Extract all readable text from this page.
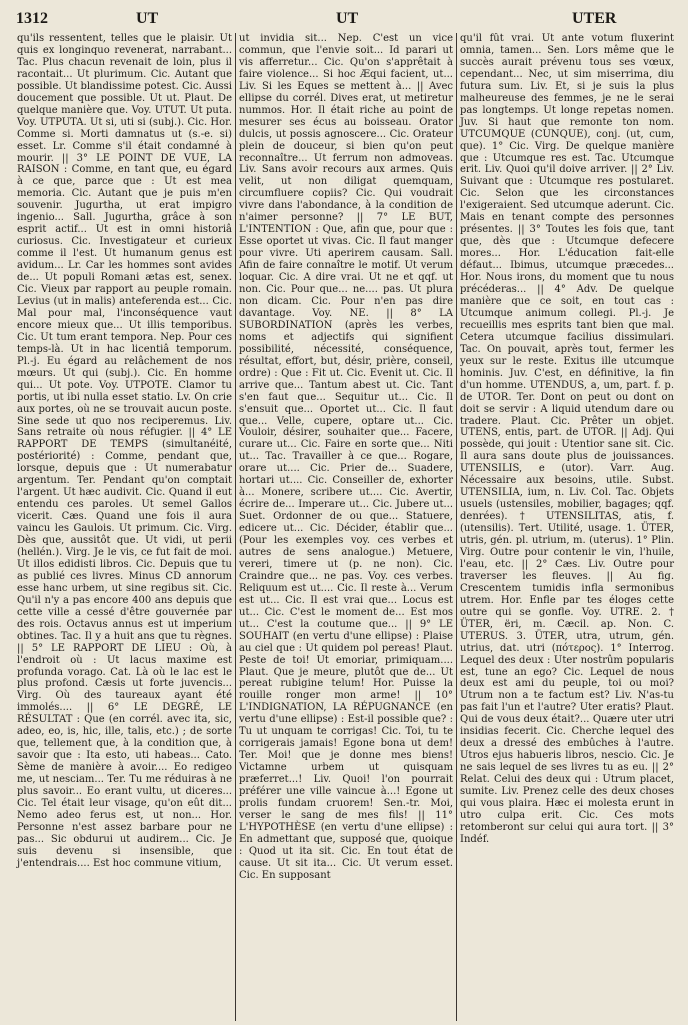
1312	UT	UT	UTER

qu'ils ressentent, telles que le plaisir. Ut quis ex longinquo revenerat, narrabant... Tac. Plus chacun revenait de loin, plus il racontait... Ut plurimum. Cic. Autant que possible. Ut blandissime potest. Cic. Aussi doucement que possible. Ut ut. Plaut. De quelque manière que. Voy. UTUT. Ut puta. Voy. UTPUTA. Ut si, uti si (subj.). Cic. Hor. Comme si. Morti damnatus ut (s.-e. si) esset. Lr. Comme s'il était condamné à mourir. || 3° LE POINT DE VUE, LA RAISON : Comme, en tant que, eu égard à ce que, parce que : Ut est mea memoria. Cic. Autant que je puis m'en souvenir. Jugurtha, ut erat impigro ingenio... Sall. Jugurtha, grâce à son esprit actif... Ut est in omni historiâ curiosus. Cic. Investigateur et curieux comme il l'est. Ut humanum genus est avidum... Lr. Car les hommes sont avides de... Ut populi Romani ætas est, senex. Cic. Vieux par rapport au peuple romain. Levius (ut in malis) anteferenda est... Cic. Mal pour mal, l'inconséquence vaut encore mieux que... Ut illis temporibus. Cic. Ut tum erant tempora. Nep. Pour ces temps-là. Ut in hac licentiâ temporum. Pl.-j. Eu égard au relâchement de nos mœurs. Ut qui (subj.). Cic. En homme qui... Ut pote. Voy. UTPOTE. Clamor tu portis, ut ibi nulla esset statio. Lv. On crie aux portes, où ne se trouvait aucun poste. Sine sede ut quo nos reciperemus. Liv. Sans retraite où nous réfugier. || 4° LE RAPPORT DE TEMPS (simultanéité, postériorité) : Comme, pendant que, lorsque, depuis que : Ut numerabatur argentum. Ter. Pendant qu'on comptait l'argent. Ut hæc audivit. Cic. Quand il eut entendu ces paroles. Ut semel Gallos vicerit. Cæs. Quand une fois il aura vaincu les Gaulois. Ut primum. Cic. Virg. Dès que, aussitôt que. Ut vidi, ut perii (hellén.). Virg. Je le vis, ce fut fait de moi. Ut illos edidisti libros. Cic. Depuis que tu as publié ces livres. Minus CD annorum esse hanc urbem, ut sine regibus sit. Cic. Qu'il n'y a pas encore 400 ans depuis que cette ville a cessé d'être gouvernée par des rois. Octavus annus est ut imperium obtines. Tac. Il y a huit ans que tu règnes. || 5° LE RAPPORT DE LIEU : Où, à l'endroit où : Ut lacus maxime est profunda vorago. Cat. Là où le lac est le plus profond. Cæsis ut forte juvencis... Virg. Où des taureaux ayant été immolés.... || 6° LE DEGRÉ, LE RÉSULTAT : Que (en corrél. avec ita, sic, adeo, eo, is, hic, ille, talis, etc.) ; de sorte que, tellement que, à la condition que, à savoir que : Ita esto, uti habeas... Cato. Sème de manière à avoir.... Eo redigeo me, ut nesciam... Ter. Tu me réduiras à ne plus savoir... Eo erant vultu, ut diceres... Cic. Tel était leur visage, qu'on eût dit... Nemo adeo ferus est, ut non... Hor. Personne n'est assez barbare pour ne pas... Sic obdurui ut audirem... Cic. Je suis devenu si insensible, que j'entendrais.... Est hoc commune vitium,

ut invidia sit... Nep. C'est un vice commun, que l'envie soit... Id parari ut vis afferretur... Cic. Qu'on s'apprêtait à faire violence... Si hoc Æqui facient, ut... Liv. Si les Eques se mettent à... || Avec ellipse du corrél. Dives erat, ut metiretur nummos. Hor. Il était riche au point de mesurer ses écus au boisseau. Orator dulcis, ut possis agnoscere... Cic. Orateur plein de douceur, si bien qu'on peut reconnaître... Ut ferrum non admoveas. Liv. Sans avoir recours aux armes. Quis velit, ut non diligat quemquam, circumfluere copiis? Cic. Qui voudrait vivre dans l'abondance, à la condition de n'aimer personne? || 7° LE BUT, L'INTENTION : Que, afin que, pour que : Esse oportet ut vivas. Cic. Il faut manger pour vivre. Uti aperirem causam. Sall. Afin de faire connaître le motif. Ut verum loquar. Cic. A dire vrai. Ut ne et qqf. ut non. Cic. Pour que... ne.... pas. Ut plura non dicam. Cic. Pour n'en pas dire davantage. Voy. NE. || 8° LA SUBORDINATION (après les verbes, noms et adjectifs qui signifient possibilité, nécessité, conséquence, résultat, effort, but, désir, prière, conseil, ordre) : Que : Fit ut. Cic. Evenit ut. Cic. Il arrive que... Tantum abest ut. Cic. Tant s'en faut que... Sequitur ut... Cic. Il s'ensuit que... Oportet ut... Cic. Il faut que... Velle, cupere, optare ut... Cic. Vouloir, désirer, souhaiter que... Facere, curare ut... Cic. Faire en sorte que... Niti ut... Tac. Travailler à ce que... Rogare, orare ut.... Cic. Prier de... Suadere, hortari ut.... Cic. Conseiller de, exhorter à... Monere, scribere ut.... Cic. Avertir, écrire de... Imperare ut... Cic. Jubere ut... Suet. Ordonner de ou que... Statuere, edicere ut... Cic. Décider, établir que... (Pour les exemples voy. ces verbes et autres de sens analogue.) Metuere, vereri, timere ut (p. ne non). Cic. Craindre que... ne pas. Voy. ces verbes. Reliquum est ut.... Cic. Il reste à... Verum est ut... Cic. Il est vrai que... Locus est ut... Cic. C'est le moment de... Est mos ut... C'est la coutume que... || 9° LE SOUHAIT (en vertu d'une ellipse) : Plaise au ciel que : Ut quidem pol pereas! Plaut. Peste de toi! Ut emoriar, primiquam.... Plaut. Que je meure, plutôt que de... Ut pereat rubigine telum! Hor. Puisse la rouille ronger mon arme! || 10° L'INDIGNATION, LA RÉPUGNANCE (en vertu d'une ellipse) : Est-il possible que? : Tu ut unquam te corrigas! Cic. Toi, tu te corrigerais jamais! Egone bona ut dem! Ter. Moi! que je donne mes biens! Victamne urbem ut quisquam præferret...! Liv. Quoi! l'on pourrait préférer une ville vaincue à...! Egone ut prolis fundam cruorem! Sen.-tr. Moi, verser le sang de mes fils! || 11° L'HYPOTHÈSE (en vertu d'une ellipse) : En admettant que, supposé que, quoique : Quod ut ita sit. Cic. En tout état de cause. Ut sit ita... Cic. Ut verum esset. Cic. En supposant

qu'il fût vrai. Ut ante votum fluxerint omnia, tamen... Sen. Lors même que le succès aurait prévenu tous ses vœux, cependant... Nec, ut sim miserrima, diu futura sum. Liv. Et, si je suis la plus malheureuse des femmes, je ne le serai pas longtemps. Ut longe repetas nomen. Juv. Si haut que remonte ton nom. UTCUMQUE (CUNQUE), conj. (ut, cum, que). 1° Cic. Virg. De quelque manière que : Utcumque res est. Tac. Utcumque erit. Liv. Quoi qu'il doive arriver. || 2° Liv. Suivant que : Utcumque res postularet. Cic. Selon que les circonstances l'exigeraient. Sed utcumque aderunt. Cic. Mais en tenant compte des personnes présentes. || 3° Toutes les fois que, tant que, dès que : Utcumque defecere mores... Hor. L'éducation fait-elle défaut... Ibimus, utcumque præcedes... Hor. Nous irons, du moment que tu nous précéderas... || 4° Adv. De quelque manière que ce soit, en tout cas : Utcumque animum collegi. Pl.-j. Je recueillis mes esprits tant bien que mal. Cetera utcumque facilius dissimulari. Tac. On pouvait, après tout, fermer les yeux sur le reste. Exitus ille utcumque hominis. Juv. C'est, en définitive, la fin d'un homme. UTENDUS, a, um, part. f. p. de UTOR. Ter. Dont on peut ou dont on doit se servir : A liquid utendum dare ou tradere. Plaut. Cic. Prêter un objet. UTENS, entis, part. de UTOR. || Adj. Qui possède, qui jouit : Utentior sane sit. Cic. Il aura sans doute plus de jouissances. UTENSILIS, e (utor). Varr. Aug. Nécessaire aux besoins, utile. Subst. UTENSILIA, ium, n. Liv. Col. Tac. Objets usuels (ustensiles, mobilier, bagages; qqf. denrées). † UTENSILITAS, atis, f. (utensilis). Tert. Utilité, usage. 1. ÜTER, utris, gén. pl. utrium, m. (uterus). 1° Plin. Virg. Outre pour contenir le vin, l'huile, l'eau, etc. || 2° Cæs. Liv. Outre pour traverser les fleuves. || Au fig. Crescentem tumidis infla sermonibus utrem. Hor. Enfle par tes éloges cette outre qui se gonfle. Voy. UTRE. 2. † ÜTER, ëri, m. Cæcil. ap. Non. C. UTERUS. 3. ÜTER, utra, utrum, gén. utrius, dat. utri (πότερος). 1° Interrog. Lequel des deux : Uter nostrûm popularis est, tune an ego? Cic. Lequel de nous deux est ami du peuple, toi ou moi? Utrum non a te factum est? Liv. N'as-tu pas fait l'un et l'autre? Uter eratis? Plaut. Qui de vous deux était?... Quære uter utri insidias fecerit. Cic. Cherche lequel des deux a dressé des embûches à l'autre. Utros ejus habueris libros, nescio. Cic. Je ne sais lequel de ses livres tu as eu. || 2° Relat. Celui des deux qui : Utrum placet, sumite. Liv. Prenez celle des deux choses qui vous plaira. Hæc ei molesta erunt in utro culpa erit. Cic. Ces mots retomberont sur celui qui aura tort. || 3° Indéf.
